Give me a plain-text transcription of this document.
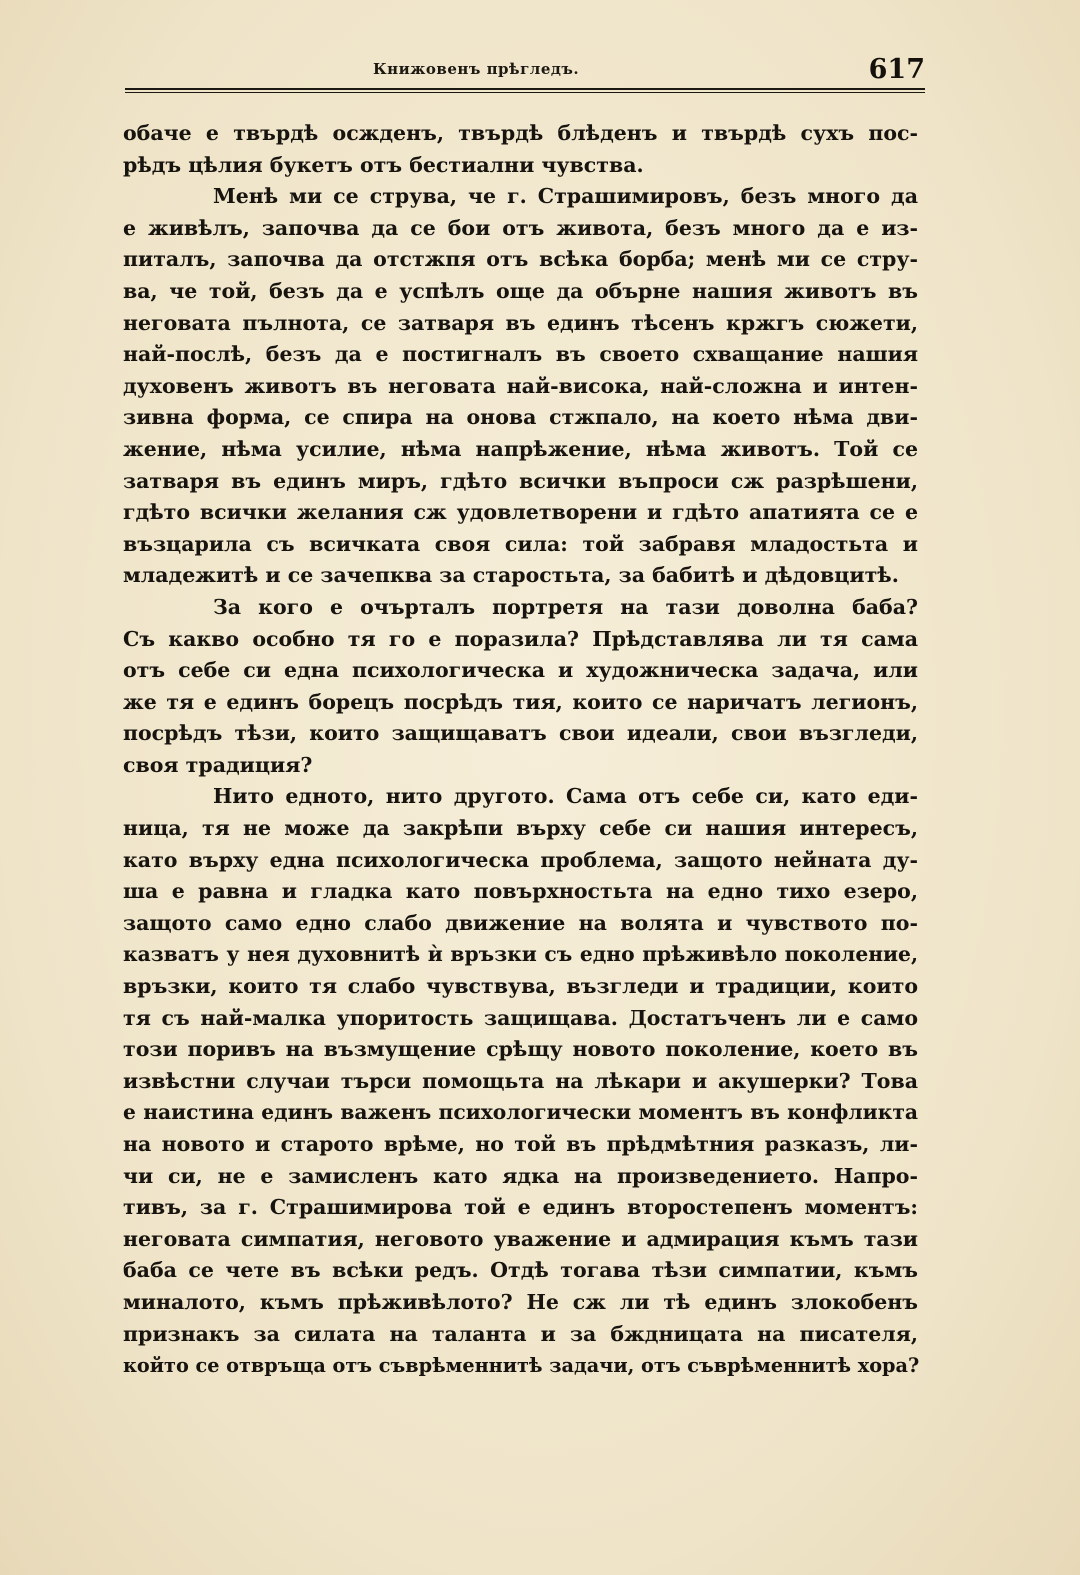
Книжовенъ прѣгледъ.	617
обаче е твърдѣ осжденъ, твърдѣ блѣденъ и твърдѣ сухъ пос-
рѣдъ цѣлия букетъ отъ бестиални чувства.
Менѣ ми се струва, че г. Страшимировъ, безъ много да
е живѣлъ, започва да се бои отъ живота, безъ много да е из-
питалъ, започва да отстжпя отъ всѣка борба; менѣ ми се стру-
ва, че той, безъ да е успѣлъ още да обърне нашия животъ въ
неговата пълнота, се затваря въ единъ тѣсенъ кржгъ сюжети,
най-послѣ, безъ да е постигналъ въ своето схващание нашия
духовенъ животъ въ неговата най-висока, най-сложна и интен-
зивна форма, се спира на онова стжпало, на което нѣма дви-
жение, нѣма усилие, нѣма напрѣжение, нѣма животъ. Той се
затваря въ единъ миръ, гдѣто всички въпроси сж разрѣшени,
гдѣто всички желания сж удовлетворени и гдѣто апатията се е
възцарила съ всичката своя сила: той забравя младостьта и
младежитѣ и се зачепква за старостьта, за бабитѣ и дѣдовцитѣ.
За кого е очърталъ портретя на тази доволна баба?
Съ какво особно тя го е поразила? Прѣдставлява ли тя сама
отъ себе си една психологическа и художническа задача, или
же тя е единъ борецъ посрѣдъ тия, които се наричатъ легионъ,
посрѣдъ тѣзи, които защищаватъ свои идеали, свои възгледи,
своя традиция?
Нито едното, нито другото. Сама отъ себе си, като еди-
ница, тя не може да закрѣпи върху себе си нашия интересъ,
като върху една психологическа проблема, защото нейната ду-
ша е равна и гладка като повърхностьта на едно тихо езеро,
защото само едно слабо движение на волята и чувството по-
казватъ у нея духовнитѣ ѝ връзки съ едно прѣживѣло поколение,
връзки, които тя слабо чувствува, възгледи и традиции, които
тя съ най-малка упоритость защищава. Достатъченъ ли е само
този поривъ на възмущение срѣщу новото поколение, което въ
извѣстни случаи търси помощьта на лѣкари и акушерки? Това
е наистина единъ важенъ психологически моментъ въ конфликта
на новото и старото врѣме, но той въ прѣдмѣтния разказъ, ли-
чи си, не е замисленъ като ядка на произведението. Напро-
тивъ, за г. Страшимирова той е единъ второстепенъ моментъ:
неговата симпатия, неговото уважение и адмирация къмъ тази
баба се чете въ всѣки редъ. Отдѣ тогава тѣзи симпатии, къмъ
миналото, къмъ прѣживѣлото? Не сж ли тѣ единъ злокобенъ
признакъ за силата на таланта и за бждницата на писателя,
който се отвръща отъ съврѣменнитѣ задачи, отъ съврѣменнитѣ хора?
